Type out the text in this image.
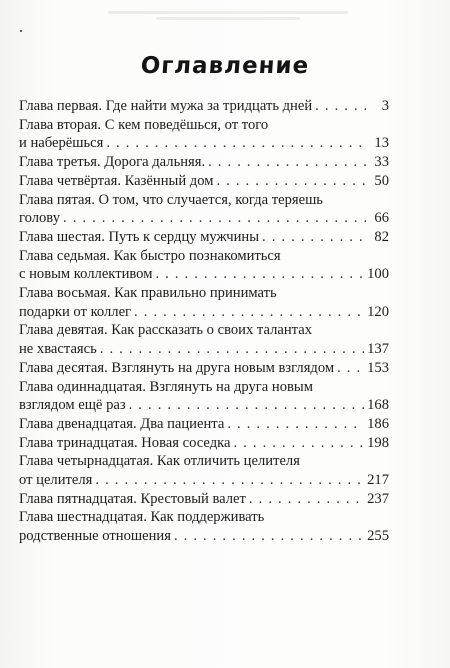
Оглавление
Глава первая. Где найти мужа за тридцать дней . . .	3
Глава вторая. С кем поведёшься, от того
и наберёшься . . .	13
Глава третья. Дорога дальняя. . . .	33
Глава четвёртая. Казённый дом . . .	50
Глава пятая. О том, что случается, когда теряешь
голову . . .	66
Глава шестая. Путь к сердцу мужчины . . .	82
Глава седьмая. Как быстро познакомиться
с новым коллективом . . .	100
Глава восьмая. Как правильно принимать
подарки от коллег . . .	120
Глава девятая. Как рассказать о своих талантах
не хвастаясь . . .	137
Глава десятая. Взглянуть на друга новым взглядом . . . 153
Глава одиннадцатая. Взглянуть на друга новым
взглядом ещё раз . . .	168
Глава двенадцатая. Два пациента . . .	186
Глава тринадцатая. Новая соседка . . .	198
Глава четырнадцатая. Как отличить целителя
от целителя . . .	217
Глава пятнадцатая. Крестовый валет . . .	237
Глава шестнадцатая. Как поддерживать
родственные отношения . . .	255
